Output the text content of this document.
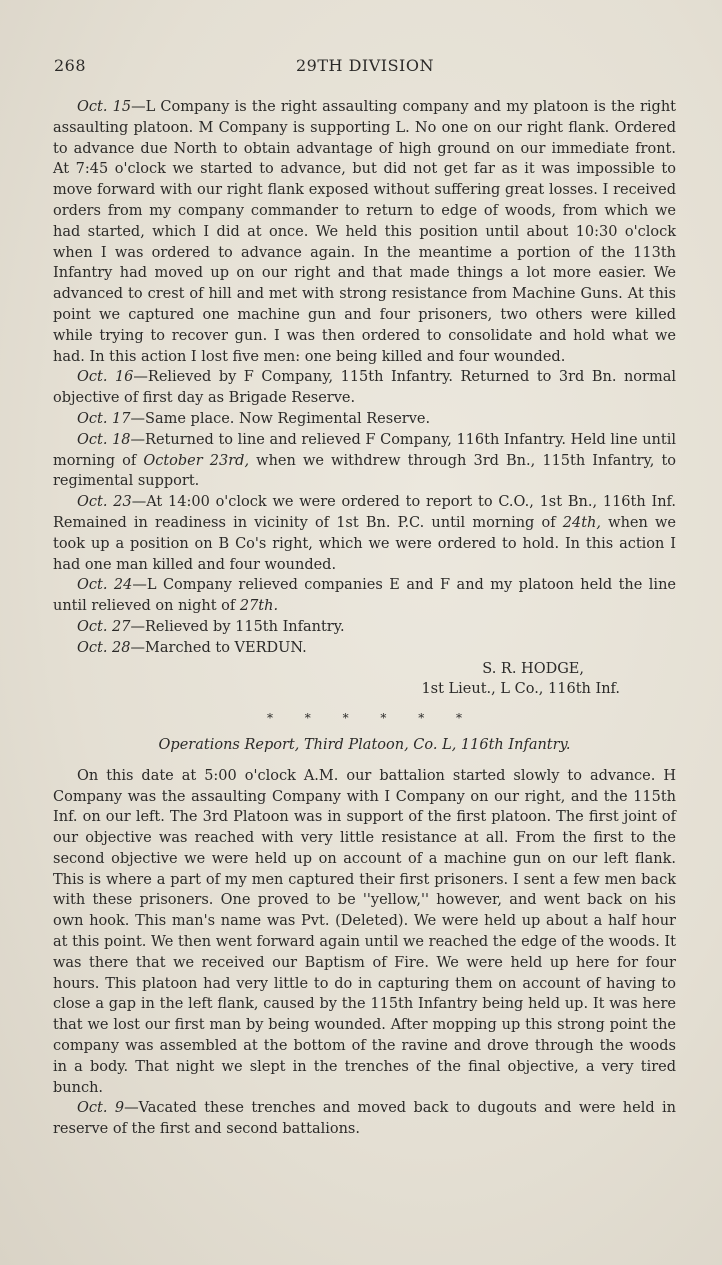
268	29TH DIVISION

Oct. 15—L Company is the right assaulting company and my platoon is the right assaulting platoon. M Company is supporting L. No one on our right flank. Ordered to advance due North to obtain advantage of high ground on our immediate front. At 7:45 o'clock we started to advance, but did not get far as it was impossible to move forward with our right flank exposed without suffering great losses. I received orders from my company commander to return to edge of woods, from which we had started, which I did at once. We held this position until about 10:30 o'clock when I was ordered to advance again. In the meantime a portion of the 113th Infantry had moved up on our right and that made things a lot more easier. We advanced to crest of hill and met with strong resistance from Machine Guns. At this point we captured one machine gun and four prisoners, two others were killed while trying to recover gun. I was then ordered to consolidate and hold what we had. In this action I lost five men: one being killed and four wounded.

Oct. 16—Relieved by F Company, 115th Infantry. Returned to 3rd Bn. normal objective of first day as Brigade Reserve.

Oct. 17—Same place. Now Regimental Reserve.

Oct. 18—Returned to line and relieved F Company, 116th Infantry. Held line until morning of October 23rd, when we withdrew through 3rd Bn., 115th Infantry, to regimental support.

Oct. 23—At 14:00 o'clock we were ordered to report to C.O., 1st Bn., 116th Inf. Remained in readiness in vicinity of 1st Bn. P.C. until morning of 24th, when we took up a position on B Co's right, which we were ordered to hold. In this action I had one man killed and four wounded.

Oct. 24—L Company relieved companies E and F and my platoon held the line until relieved on night of 27th.

Oct. 27—Relieved by 115th Infantry.

Oct. 28—Marched to VERDUN.

S. R. HODGE,
1st Lieut., L Co., 116th Inf.
* * * * * *
Operations Report, Third Platoon, Co. L, 116th Infantry.

On this date at 5:00 o'clock A.M. our battalion started slowly to advance. H Company was the assaulting Company with I Company on our right, and the 115th Inf. on our left. The 3rd Platoon was in support of the first platoon. The first joint of our objective was reached with very little resistance at all. From the first to the second objective we were held up on account of a machine gun on our left flank. This is where a part of my men captured their first prisoners. I sent a few men back with these prisoners. One proved to be ''yellow,'' however, and went back on his own hook. This man's name was Pvt. (Deleted). We were held up about a half hour at this point. We then went forward again until we reached the edge of the woods. It was there that we received our Baptism of Fire. We were held up here for four hours. This platoon had very little to do in capturing them on account of having to close a gap in the left flank, caused by the 115th Infantry being held up. It was here that we lost our first man by being wounded. After mopping up this strong point the company was assembled at the bottom of the ravine and drove through the woods in a body. That night we slept in the trenches of the final objective, a very tired bunch.

Oct. 9—Vacated these trenches and moved back to dugouts and were held in reserve of the first and second battalions.
